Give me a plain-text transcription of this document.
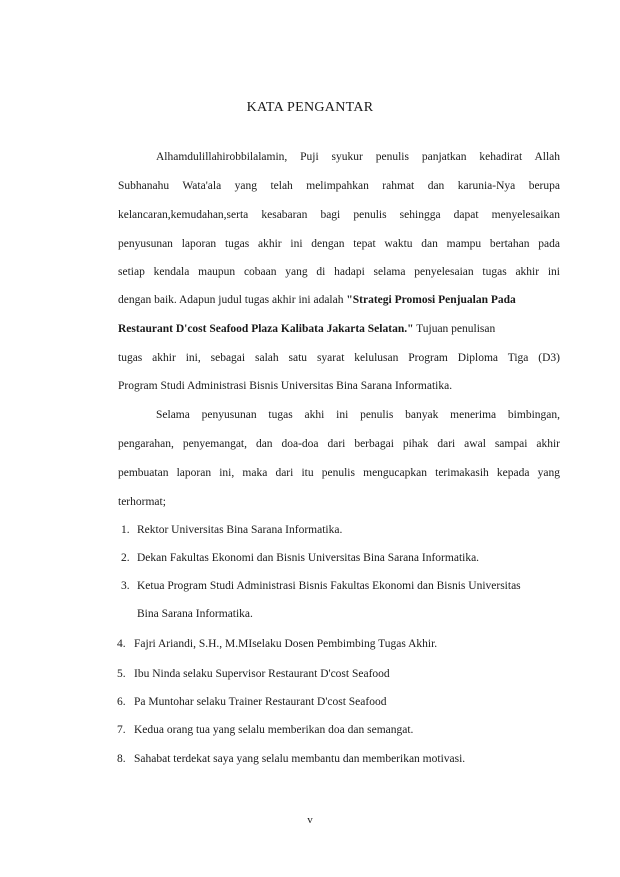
KATA PENGANTAR
Alhamdulillahirobbilalamin, Puji syukur penulis panjatkan kehadirat Allah
Subhanahu Wata'ala yang telah melimpahkan rahmat dan karunia-Nya berupa
kelancaran,kemudahan,serta kesabaran bagi penulis sehingga dapat menyelesaikan
penyusunan laporan tugas akhir ini dengan tepat waktu dan mampu bertahan pada
setiap kendala maupun cobaan yang di hadapi selama penyelesaian tugas akhir ini
dengan baik. Adapun judul tugas akhir ini adalah "Strategi Promosi Penjualan Pada
Restaurant D'cost Seafood Plaza Kalibata Jakarta Selatan." Tujuan penulisan
tugas akhir ini, sebagai salah satu syarat kelulusan Program Diploma Tiga (D3)
Program Studi Administrasi Bisnis Universitas Bina Sarana Informatika.
Selama penyusunan tugas akhi ini penulis banyak menerima bimbingan,
pengarahan, penyemangat, dan doa-doa dari berbagai pihak dari awal sampai akhir
pembuatan laporan ini, maka dari itu penulis mengucapkan terimakasih kepada yang
terhormat;
1. Rektor Universitas Bina Sarana Informatika.
2. Dekan Fakultas Ekonomi dan Bisnis Universitas Bina Sarana Informatika.
3. Ketua Program Studi Administrasi Bisnis Fakultas Ekonomi dan Bisnis Universitas
Bina Sarana Informatika.
4. Fajri Ariandi, S.H., M.MIselaku Dosen Pembimbing Tugas Akhir.
5. Ibu Ninda selaku Supervisor Restaurant D'cost Seafood
6. Pa Muntohar selaku Trainer Restaurant D'cost Seafood
7. Kedua orang tua yang selalu memberikan doa dan semangat.
8. Sahabat terdekat saya yang selalu membantu dan memberikan motivasi.
v
